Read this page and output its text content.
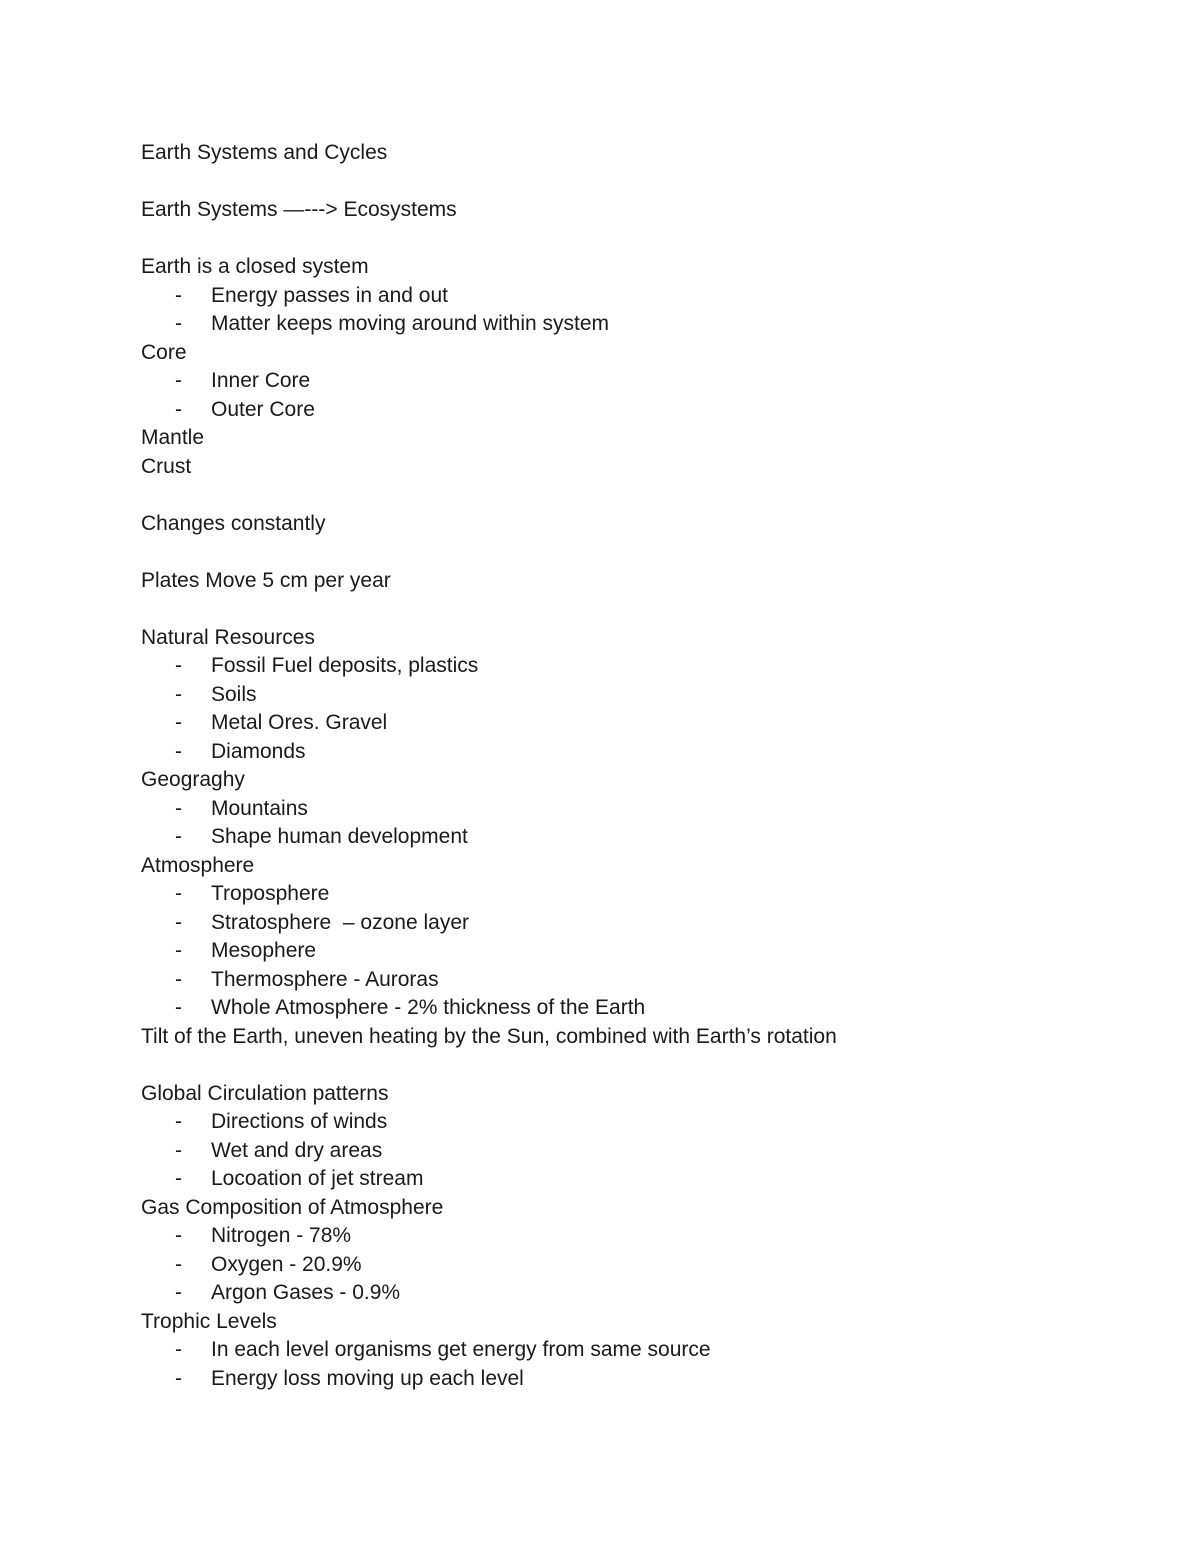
Earth Systems and Cycles
Earth Systems —---> Ecosystems
Earth is a closed system
- Energy passes in and out
- Matter keeps moving around within system
Core
- Inner Core
- Outer Core
Mantle
Crust
Changes constantly
Plates Move 5 cm per year
Natural Resources
- Fossil Fuel deposits, plastics
- Soils
- Metal Ores. Gravel
- Diamonds
Geograghy
- Mountains
- Shape human development
Atmosphere
- Troposphere
- Stratosphere  – ozone layer
- Mesophere
- Thermosphere - Auroras
- Whole Atmosphere - 2% thickness of the Earth
Tilt of the Earth, uneven heating by the Sun, combined with Earth’s rotation
Global Circulation patterns
- Directions of winds
- Wet and dry areas
- Locoation of jet stream
Gas Composition of Atmosphere
- Nitrogen - 78%
- Oxygen - 20.9%
- Argon Gases - 0.9%
Trophic Levels
- In each level organisms get energy from same source
- Energy loss moving up each level
